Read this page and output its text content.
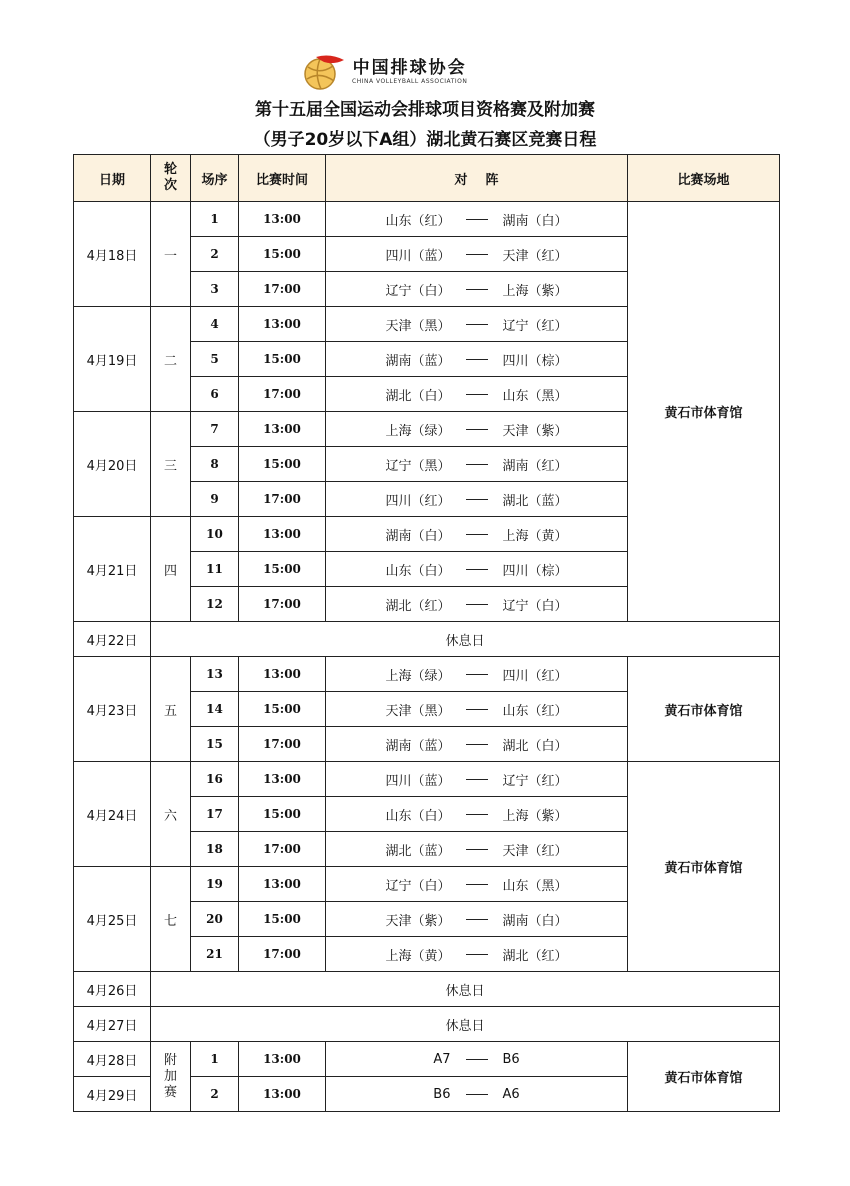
中国排球协会
CHINA VOLLEYBALL ASSOCIATION
第十五届全国运动会排球项目资格赛及附加赛
（男子20岁以下A组）湖北黄石赛区竞赛日程
日期	轮次	场序	比赛时间	对    阵	比赛场地
4月18日	一	1	13:00	山东（红） 湖南（白）	黄石市体育馆
		2	15:00	四川（蓝） 天津（红）	

		3	17:00	辽宁（白） 上海（紫）	

4月19日	二	4	13:00	天津（黑） 辽宁（红）	

		5	15:00	湖南（蓝） 四川（棕）	

		6	17:00	湖北（白） 山东（黑）	

4月20日	三	7	13:00	上海（绿） 天津（紫）	

		8	15:00	辽宁（黑） 湖南（红）	

		9	17:00	四川（红） 湖北（蓝）	

4月21日	四	10	13:00	湖南（白） 上海（黄）	

		11	15:00	山东（白） 四川（棕）	

		12	17:00	湖北（红） 辽宁（白）	

4月22日	休息日				
4月23日	五	13	13:00	上海（绿） 四川（红）	黄石市体育馆
		14	15:00	天津（黑） 山东（红）	

		15	17:00	湖南（蓝） 湖北（白）	

4月24日	六	16	13:00	四川（蓝） 辽宁（红）	黄石市体育馆
		17	15:00	山东（白） 上海（紫）	

		18	17:00	湖北（蓝） 天津（红）	

4月25日	七	19	13:00	辽宁（白） 山东（黑）	

		20	15:00	天津（紫） 湖南（白）	

		21	17:00	上海（黄） 湖北（红）	

4月26日	休息日				
4月27日	休息日				
4月28日	附加赛	1	13:00	A7 B6	黄石市体育馆
4月29日		2	13:00	B6 A6	
